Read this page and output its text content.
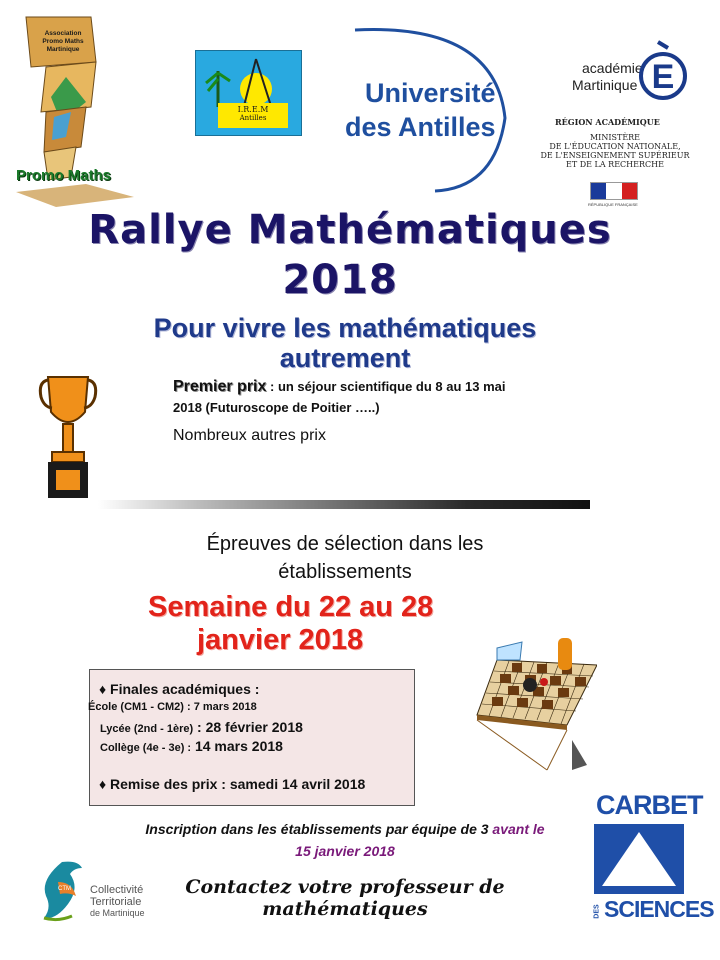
Association Promo Maths Martinique
Promo Maths
I.R.E.M
Antilles
Université
des Antilles
académie
Martinique E
RÉGION ACADÉMIQUE
MINISTÈRE
DE L'ÉDUCATION NATIONALE,
DE L'ENSEIGNEMENT SUPÉRIEUR
ET DE LA RECHERCHE
RÉPUBLIQUE FRANÇAISE
Rallye Mathématiques
2018
Pour vivre les mathématiques
autrement
Premier prix : un séjour scientifique du 8 au 13 mai
2018 (Futuroscope de Poitier …..)
Nombreux autres prix
Épreuves de sélection dans les
établissements
Semaine du 22 au 28
janvier 2018
♦ Finales académiques :
École (CM1 - CM2) : 7 mars 2018
Lycée (2nd - 1ère) : 28 février 2018
Collège (4e - 3e) : 14 mars 2018
♦ Remise des prix : samedi 14 avril 2018
Inscription dans les établissements par équipe de 3 avant le
15 janvier 2018
CTM Collectivité
Territoriale
de Martinique
Contactez votre professeur de
mathématiques
CARBET
DES SCIENCES
